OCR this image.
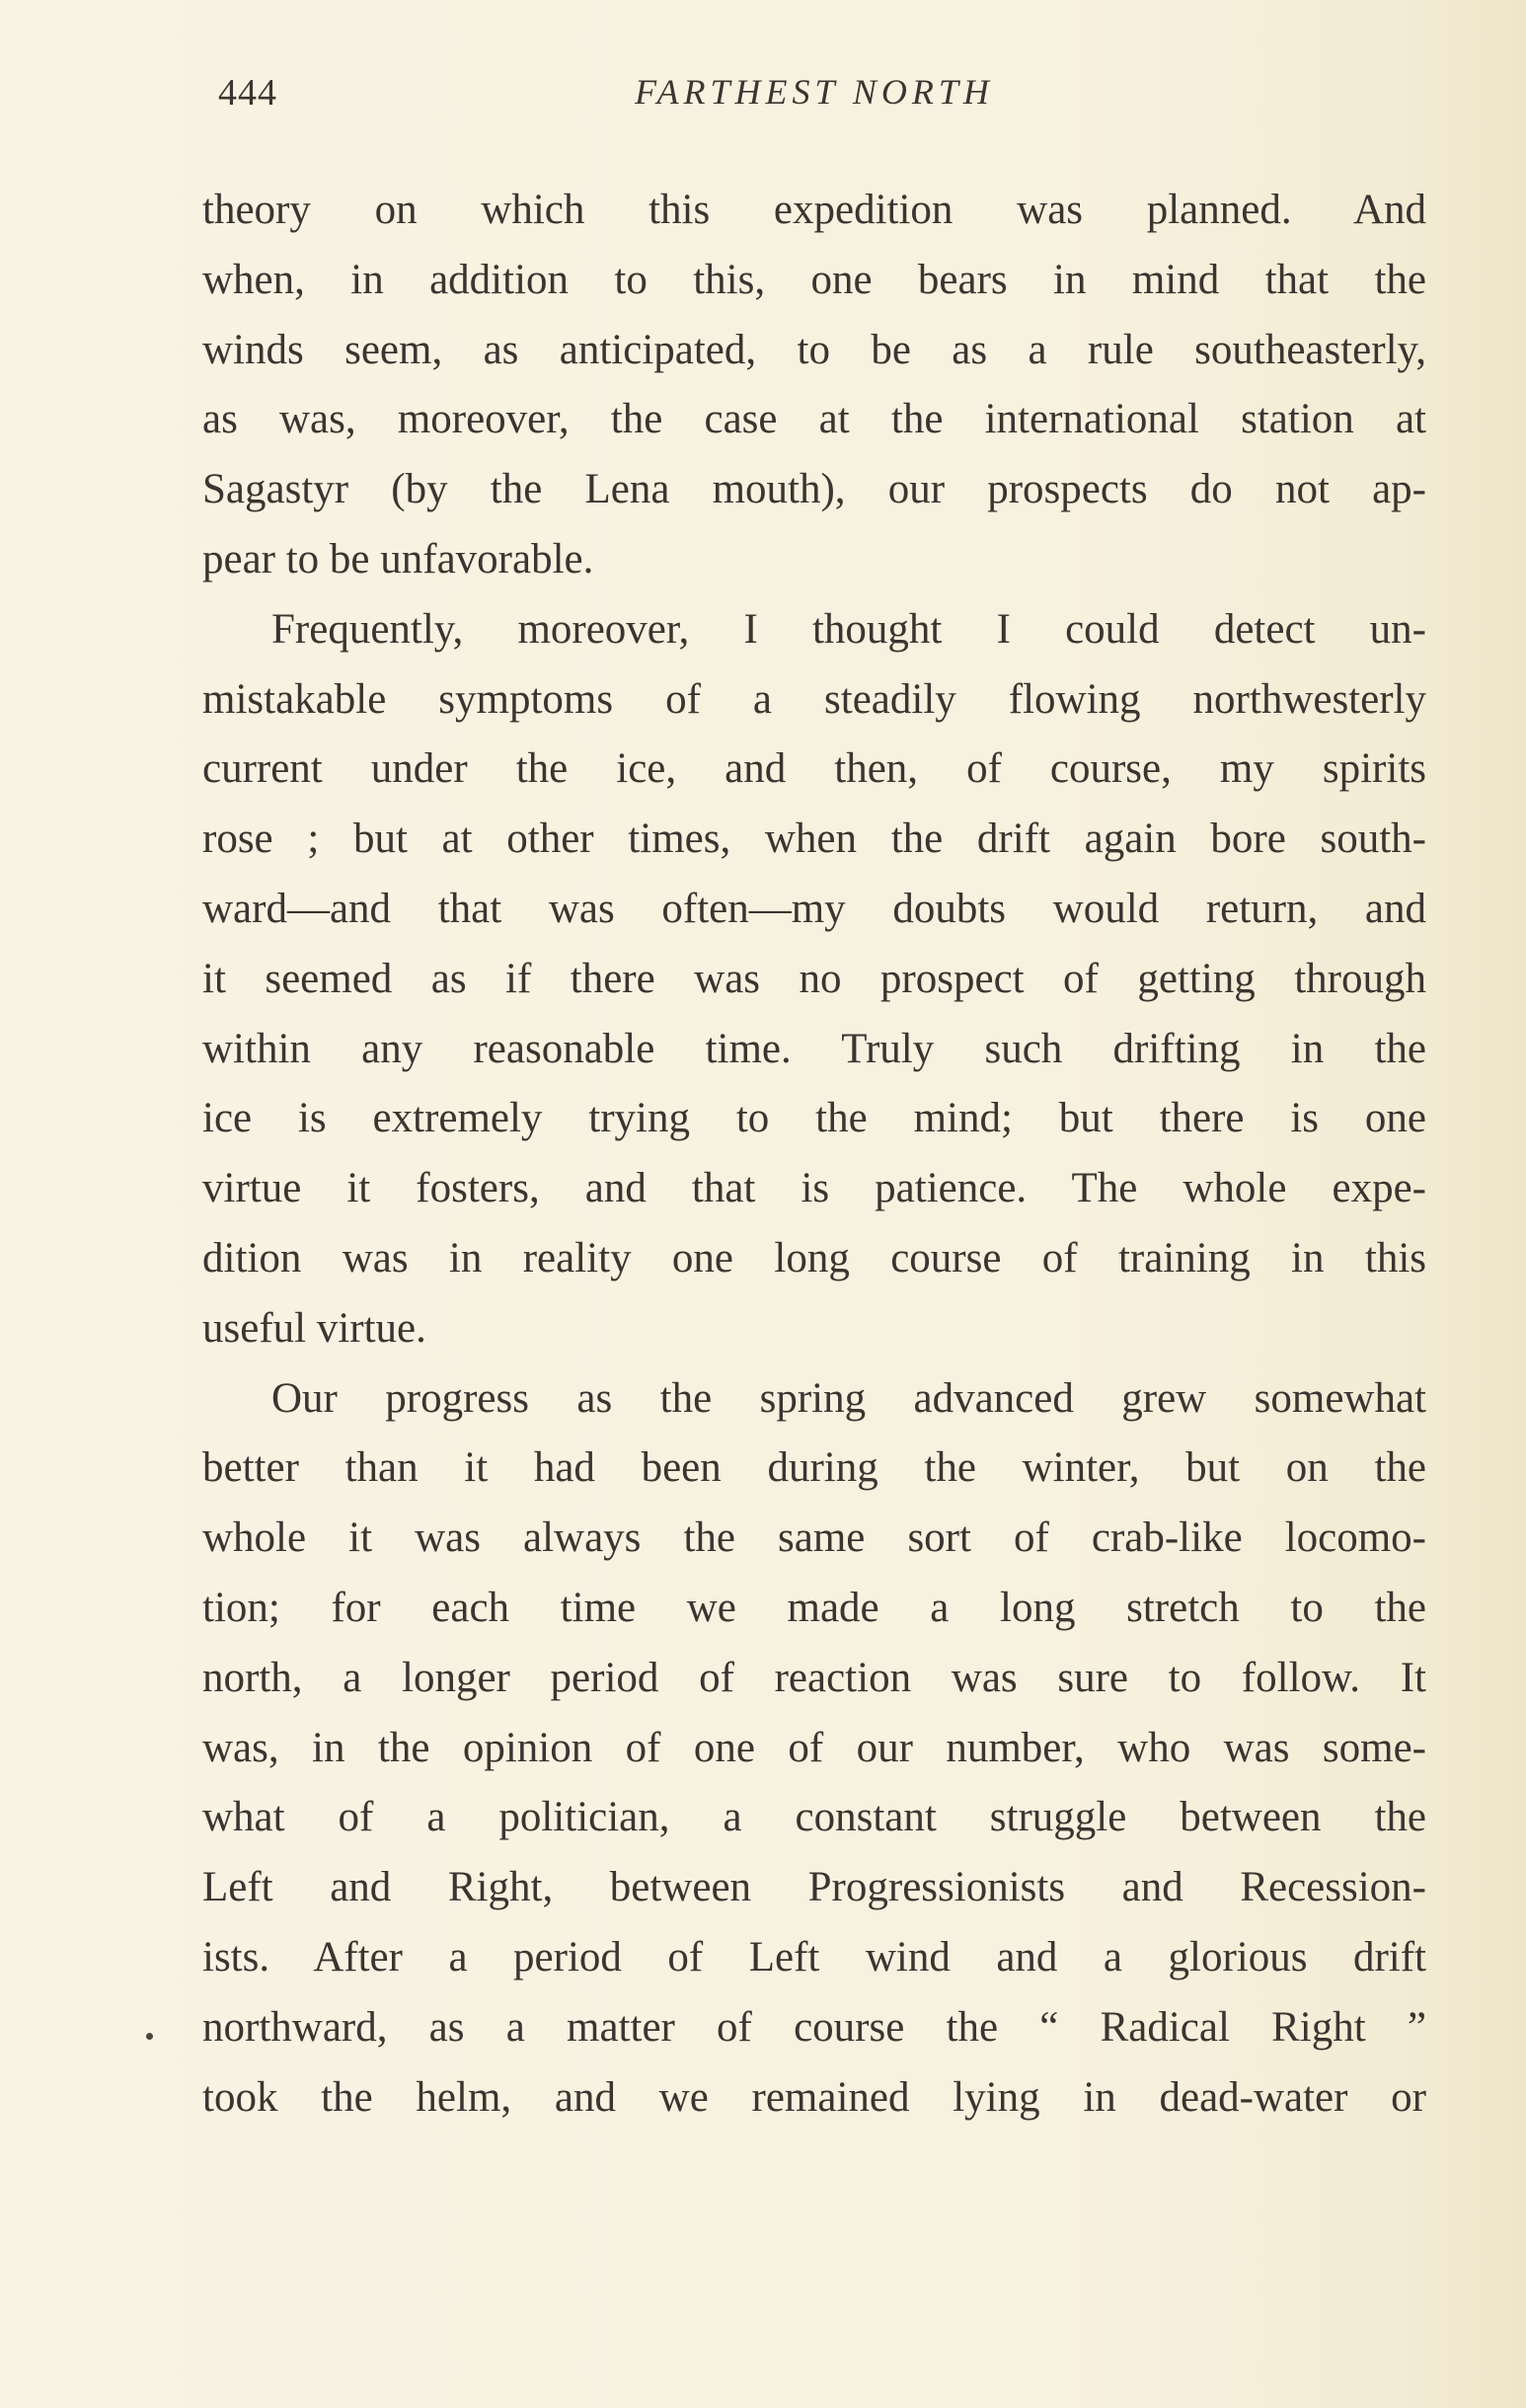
444	FARTHEST NORTH
theory on which this expedition was planned. And
when, in addition to this, one bears in mind that the
winds seem, as anticipated, to be as a rule southeasterly,
as was, moreover, the case at the international station at
Sagastyr (by the Lena mouth), our prospects do not ap-
pear to be unfavorable.
Frequently, moreover, I thought I could detect un-
mistakable symptoms of a steadily flowing northwesterly
current under the ice, and then, of course, my spirits
rose ; but at other times, when the drift again bore south-
ward—and that was often—my doubts would return, and
it seemed as if there was no prospect of getting through
within any reasonable time. Truly such drifting in the
ice is extremely trying to the mind; but there is one
virtue it fosters, and that is patience. The whole expe-
dition was in reality one long course of training in this
useful virtue.
Our progress as the spring advanced grew somewhat
better than it had been during the winter, but on the
whole it was always the same sort of crab-like locomo-
tion; for each time we made a long stretch to the
north, a longer period of reaction was sure to follow. It
was, in the opinion of one of our number, who was some-
what of a politician, a constant struggle between the
Left and Right, between Progressionists and Recession-
ists. After a period of Left wind and a glorious drift
northward, as a matter of course the “ Radical Right ”
took the helm, and we remained lying in dead-water or
